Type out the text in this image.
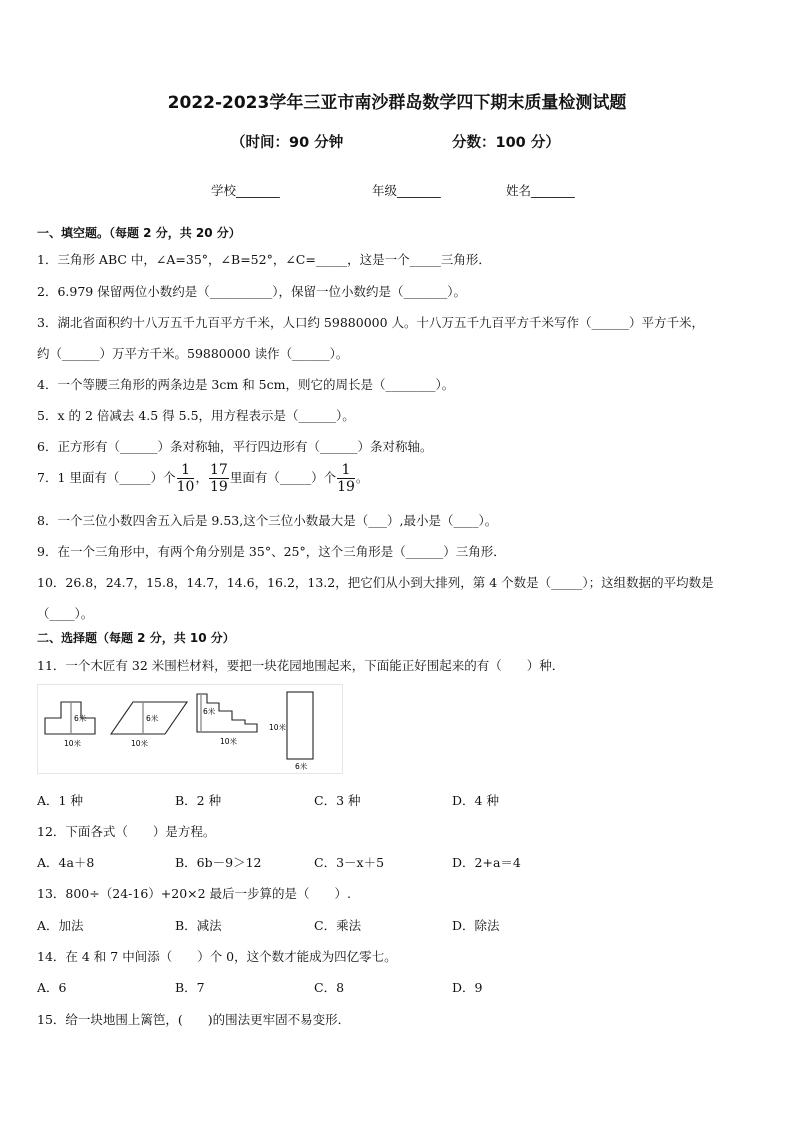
2022-2023学年三亚市南沙群岛数学四下期末质量检测试题
（时间：90 分钟	分数：100 分）
学校_______	年级_______	姓名_______
一、填空题。（每题 2 分，共 20 分）
1．三角形 ABC 中，∠A=35°，∠B=52°，∠C=_____，这是一个_____三角形．
2．6.979 保留两位小数约是（__________），保留一位小数约是（_______）。
3．湖北省面积约十八万五千九百平方千米，人口约 59880000 人。十八万五千九百平方千米写作（______）平方千米，
约（______）万平方千米。59880000 读作（______）。
4．一个等腰三角形的两条边是 3cm 和 5cm，则它的周长是（________）。
5．x 的 2 倍减去 4.5 得 5.5，用方程表示是（______）。
6．正方形有（______）条对称轴，平行四边形有（______）条对称轴。
7．1 里面有（_____）个 $\frac{1}{10}$ ， $\frac{17}{19}$ 里面有（_____）个 $\frac{1}{19}$ 。
8．一个三位小数四舍五入后是 9.53,这个三位小数最大是（___）,最小是（____）。
9．在一个三角形中，有两个角分别是 35°、25°，这个三角形是（______）三角形．
10．26.8，24.7，15.8，14.7，14.6，16.2，13.2，把它们从小到大排列，第 4 个数是（_____）；这组数据的平均数是
（____）。
二、选择题（每题 2 分，共 10 分）
11．一个木匠有 32 米围栏材料，要把一块花园地围起来，下面能正好围起来的有（　　）种．
6米
10米
6米
10米
6米
10米
10米
6米
A．1 种	B．2 种	C．3 种	D．4 种
12．下面各式（　　）是方程。
A．4a＋8	B．6b－9＞12	C．3－x＋5	D．2+a＝4
13．800÷（24-16）+20×2 最后一步算的是（　　）.
A．加法	B．减法	C．乘法	D．除法
14．在 4 和 7 中间添（　　）个 0，这个数才能成为四亿零七。
A．6	B．7	C．8	D．9
15．给一块地围上篱笆，(　　)的围法更牢固不易变形．
